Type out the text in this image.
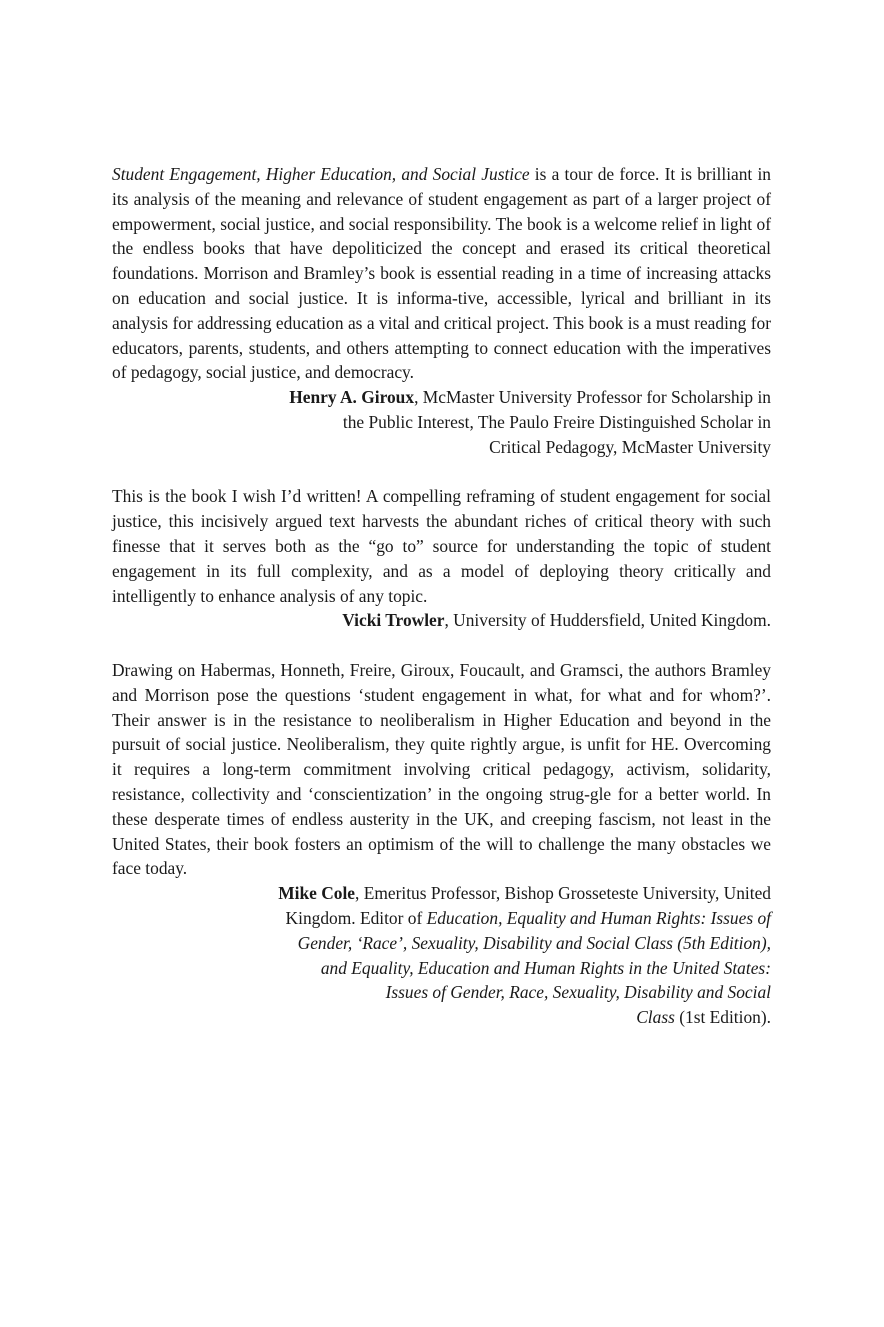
Student Engagement, Higher Education, and Social Justice is a tour de force. It is brilliant in its analysis of the meaning and relevance of student engagement as part of a larger project of empowerment, social justice, and social responsibility. The book is a welcome relief in light of the endless books that have depoliticized the concept and erased its critical theoretical foundations. Morrison and Bramley’s book is essential reading in a time of increasing attacks on education and social justice. It is informa-tive, accessible, lyrical and brilliant in its analysis for addressing education as a vital and critical project. This book is a must reading for educators, parents, students, and others attempting to connect education with the imperatives of pedagogy, social justice, and democracy.

Henry A. Giroux, McMaster University Professor for Scholarship in
the Public Interest, The Paulo Freire Distinguished Scholar in
Critical Pedagogy, McMaster University

This is the book I wish I’d written! A compelling reframing of student engagement for social justice, this incisively argued text harvests the abundant riches of critical theory with such finesse that it serves both as the “go to” source for understanding the topic of student engagement in its full complexity, and as a model of deploying theory critically and intelligently to enhance analysis of any topic.

Vicki Trowler, University of Huddersfield, United Kingdom.

Drawing on Habermas, Honneth, Freire, Giroux, Foucault, and Gramsci, the authors Bramley and Morrison pose the questions ‘student engagement in what, for what and for whom?’. Their answer is in the resistance to neoliberalism in Higher Education and beyond in the pursuit of social justice. Neoliberalism, they quite rightly argue, is unfit for HE. Overcoming it requires a long-term commitment involving critical pedagogy, activism, solidarity, resistance, collectivity and ‘conscientization’ in the ongoing strug-gle for a better world. In these desperate times of endless austerity in the UK, and creeping fascism, not least in the United States, their book fosters an optimism of the will to challenge the many obstacles we face today.

Mike Cole, Emeritus Professor, Bishop Grosseteste University, United
Kingdom. Editor of Education, Equality and Human Rights: Issues of
Gender, ‘Race’, Sexuality, Disability and Social Class (5th Edition),
and Equality, Education and Human Rights in the United States:
Issues of Gender, Race, Sexuality, Disability and Social
Class (1st Edition).
